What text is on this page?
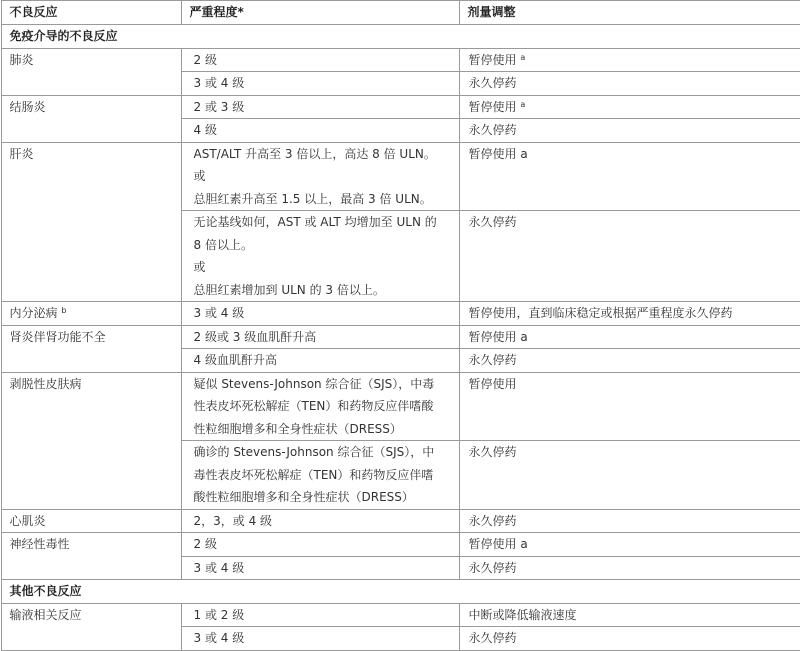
不良反应	严重程度*	剂量调整
免疫介导的不良反应		
肺炎	2 级	暂停使用 $^a$
	3 或 4 级	永久停药
结肠炎	2 或 3 级	暂停使用 $^a$
	4 级	永久停药
肝炎	AST/ALT 升高至 3 倍以上，高达 8 倍 ULN。
或
总胆红素升高至 1.5 以上，最高 3 倍 ULN。	暂停使用 a

	无论基线如何，AST 或 ALT 均增加至 ULN 的
8 倍以上。
或
总胆红素增加到 ULN 的 3 倍以上。	永久停药
内分泌病 $^b$	3 或 4 级	暂停使用，直到临床稳定或根据严重程度永久停药
肾炎伴肾功能不全	2 级或 3 级血肌酐升高	暂停使用 a
	4 级血肌酐升高	永久停药
剥脱性皮肤病	疑似 Stevens-Johnson 综合征（SJS），中毒
性表皮坏死松解症（TEN）和药物反应伴嗜酸
性粒细胞增多和全身性症状（DRESS）	暂停使用

	确诊的 Stevens-Johnson 综合征（SJS），中
毒性表皮坏死松解症（TEN）和药物反应伴嗜
酸性粒细胞增多和全身性症状（DRESS）	永久停药
心肌炎	2，3，或 4 级	永久停药
神经性毒性	2 级	暂停使用 a
	3 或 4 级	永久停药
其他不良反应		
输液相关反应	1 或 2 级	中断或降低输液速度
	3 或 4 级	永久停药
